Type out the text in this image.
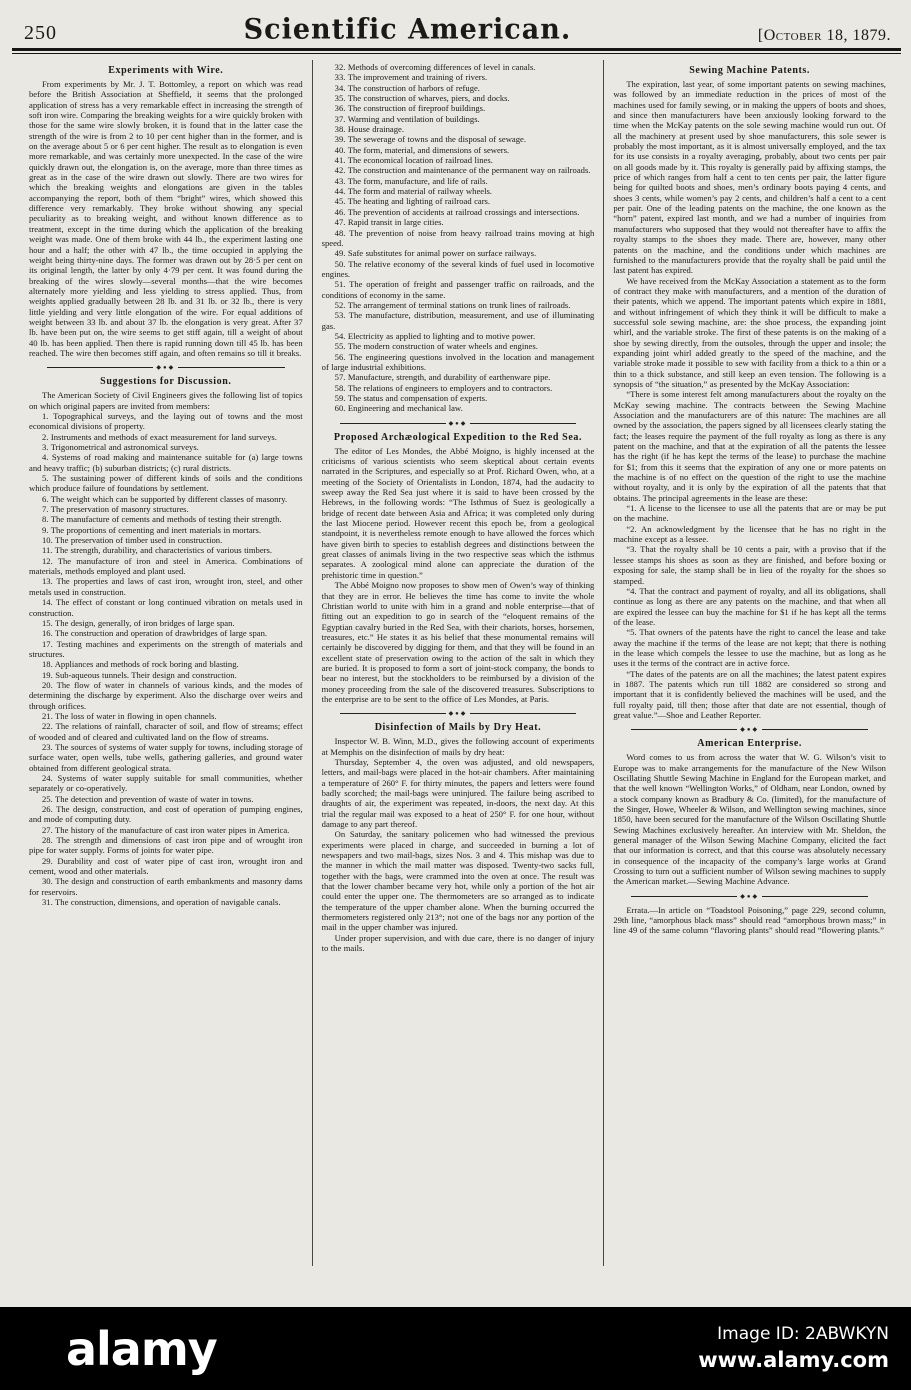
250	Scientific American.	[October 18, 1879.
Experiments with Wire.

From experiments by Mr. J. T. Bottomley, a report on which was read before the British Association at Sheffield, it seems that the prolonged application of stress has a very remarkable effect in increasing the strength of soft iron wire. Comparing the breaking weights for a wire quickly broken with those for the same wire slowly broken, it is found that in the latter case the strength of the wire is from 2 to 10 per cent higher than in the former, and is on the average about 5 or 6 per cent higher. The result as to elongation is even more remarkable, and was certainly more unexpected. In the case of the wire quickly drawn out, the elongation is, on the average, more than three times as great as in the case of the wire drawn out slowly. There are two wires for which the breaking weights and elongations are given in the tables accompanying the report, both of them “bright” wires, which showed this difference very remarkably. They broke without showing any special peculiarity as to breaking weight, and without known difference as to treatment, except in the time during which the application of the breaking weight was made. One of them broke with 44 lb., the experiment lasting one hour and a half; the other with 47 lb., the time occupied in applying the weight being thirty-nine days. The former was drawn out by 28·5 per cent on its original length, the latter by only 4·79 per cent. It was found during the breaking of the wires slowly—several months—that the wire becomes alternately more yielding and less yielding to stress applied. Thus, from weights applied gradually between 28 lb. and 31 lb. or 32 lb., there is very little yielding and very little elongation of the wire. For equal additions of weight between 33 lb. and about 37 lb. the elongation is very great. After 37 lb. have been put on, the wire seems to get stiff again, till a weight of about 40 lb. has been applied. Then there is rapid running down till 45 lb. has been reached. The wire then becomes stiff again, and often remains so till it breaks.

◆●◆
Suggestions for Discussion.

The American Society of Civil Engineers gives the following list of topics on which original papers are invited from members:

1. Topographical surveys, and the laying out of towns and the most economical divisions of property.

2. Instruments and methods of exact measurement for land surveys.

3. Trigonometrical and astronomical surveys.

4. Systems of road making and maintenance suitable for (a) large towns and heavy traffic; (b) suburban districts; (c) rural districts.

5. The sustaining power of different kinds of soils and the conditions which produce failure of foundations by settlement.

6. The weight which can be supported by different classes of masonry.

7. The preservation of masonry structures.

8. The manufacture of cements and methods of testing their strength.

9. The proportions of cementing and inert materials in mortars.

10. The preservation of timber used in construction.

11. The strength, durability, and characteristics of various timbers.

12. The manufacture of iron and steel in America. Combinations of materials, methods employed and plant used.

13. The properties and laws of cast iron, wrought iron, steel, and other metals used in construction.

14. The effect of constant or long continued vibration on metals used in construction.

15. The design, generally, of iron bridges of large span.

16. The construction and operation of drawbridges of large span.

17. Testing machines and experiments on the strength of materials and structures.

18. Appliances and methods of rock boring and blasting.

19. Sub-aqueous tunnels. Their design and construction.

20. The flow of water in channels of various kinds, and the modes of determining the discharge by experiment. Also the discharge over weirs and through orifices.

21. The loss of water in flowing in open channels.

22. The relations of rainfall, character of soil, and flow of streams; effect of wooded and of cleared and cultivated land on the flow of streams.

23. The sources of systems of water supply for towns, including storage of surface water, open wells, tube wells, gathering galleries, and ground water obtained from different geological strata.

24. Systems of water supply suitable for small communities, whether separately or co-operatively.

25. The detection and prevention of waste of water in towns.

26. The design, construction, and cost of operation of pumping engines, and mode of computing duty.

27. The history of the manufacture of cast iron water pipes in America.

28. The strength and dimensions of cast iron pipe and of wrought iron pipe for water supply. Forms of joints for water pipe.

29. Durability and cost of water pipe of cast iron, wrought iron and cement, wood and other materials.

30. The design and construction of earth embankments and masonry dams for reservoirs.

31. The construction, dimensions, and operation of navigable canals.

32. Methods of overcoming differences of level in canals.

33. The improvement and training of rivers.

34. The construction of harbors of refuge.

35. The construction of wharves, piers, and docks.

36. The construction of fireproof buildings.

37. Warming and ventilation of buildings.

38. House drainage.

39. The sewerage of towns and the disposal of sewage.

40. The form, material, and dimensions of sewers.

41. The economical location of railroad lines.

42. The construction and maintenance of the permanent way on railroads.

43. The form, manufacture, and life of rails.

44. The form and material of railway wheels.

45. The heating and lighting of railroad cars.

46. The prevention of accidents at railroad crossings and intersections.

47. Rapid transit in large cities.

48. The prevention of noise from heavy railroad trains moving at high speed.

49. Safe substitutes for animal power on surface railways.

50. The relative economy of the several kinds of fuel used in locomotive engines.

51. The operation of freight and passenger traffic on railroads, and the conditions of economy in the same.

52. The arrangement of terminal stations on trunk lines of railroads.

53. The manufacture, distribution, measurement, and use of illuminating gas.

54. Electricity as applied to lighting and to motive power.

55. The modern construction of water wheels and engines.

56. The engineering questions involved in the location and management of large industrial exhibitions.

57. Manufacture, strength, and durability of earthenware pipe.

58. The relations of engineers to employers and to contractors.

59. The status and compensation of experts.

60. Engineering and mechanical law.

◆●◆
Proposed Archæological Expedition to the Red Sea.

The editor of Les Mondes, the Abbé Moigno, is highly incensed at the criticisms of various scientists who seem skeptical about certain events narrated in the Scriptures, and especially so at Prof. Richard Owen, who, at a meeting of the Society of Orientalists in London, 1874, had the audacity to sweep away the Red Sea just where it is said to have been crossed by the Hebrews, in the following words: “The Isthmus of Suez is geologically a bridge of recent date between Asia and Africa; it was completed only during the last Miocene period. However recent this epoch be, from a geological standpoint, it is nevertheless remote enough to have allowed the forces which have given birth to species to establish degrees and distinctions between the great classes of animals living in the two respective seas which the isthmus separates. A zoological mind alone can appreciate the duration of the prehistoric time in question.”

The Abbé Moigno now proposes to show men of Owen’s way of thinking that they are in error. He believes the time has come to invite the whole Christian world to unite with him in a grand and noble enterprise—that of fitting out an expedition to go in search of the “eloquent remains of the Egyptian cavalry buried in the Red Sea, with their chariots, horses, horsemen, treasures, etc.” He states it as his belief that these monumental remains will certainly be discovered by digging for them, and that they will be found in an excellent state of preservation owing to the action of the salt in which they are buried. It is proposed to form a sort of joint-stock company, the bonds to bear no interest, but the stockholders to be reimbursed by a division of the money proceeding from the sale of the discovered treasures. Subscriptions to the enterprise are to be sent to the office of Les Mondes, at Paris.

◆●◆
Disinfection of Mails by Dry Heat.

Inspector W. B. Winn, M.D., gives the following account of experiments at Memphis on the disinfection of mails by dry heat:

Thursday, September 4, the oven was adjusted, and old newspapers, letters, and mail-bags were placed in the hot-air chambers. After maintaining a temperature of 260° F. for thirty minutes, the papers and letters were found badly scorched; the mail-bags were uninjured. The failure being ascribed to draughts of air, the experiment was repeated, in-doors, the next day. At this trial the regular mail was exposed to a heat of 250° F. for one hour, without damage to any part thereof.

On Saturday, the sanitary policemen who had witnessed the previous experiments were placed in charge, and succeeded in burning a lot of newspapers and two mail-bags, sizes Nos. 3 and 4. This mishap was due to the manner in which the mail matter was disposed. Twenty-two sacks full, together with the bags, were crammed into the oven at once. The result was that the lower chamber became very hot, while only a portion of the hot air could enter the upper one. The thermometers are so arranged as to indicate the temperature of the upper chamber alone. When the burning occurred the thermometers registered only 213°; not one of the bags nor any portion of the mail in the upper chamber was injured.

Under proper supervision, and with due care, there is no danger of injury to the mails.

Sewing Machine Patents.

The expiration, last year, of some important patents on sewing machines, was followed by an immediate reduction in the prices of most of the machines used for family sewing, or in making the uppers of boots and shoes, and since then manufacturers have been anxiously looking forward to the time when the McKay patents on the sole sewing machine would run out. Of all the machinery at present used by shoe manufacturers, this sole sewer is probably the most important, as it is almost universally employed, and the tax for its use consists in a royalty averaging, probably, about two cents per pair on all goods made by it. This royalty is generally paid by affixing stamps, the price of which ranges from half a cent to ten cents per pair, the latter figure being for quilted boots and shoes, men’s ordinary boots paying 4 cents, and shoes 3 cents, while women’s pay 2 cents, and children’s half a cent to a cent per pair. One of the leading patents on the machine, the one known as the “horn” patent, expired last month, and we had a number of inquiries from manufacturers who supposed that they would not thereafter have to affix the royalty stamps to the shoes they made. There are, however, many other patents on the machine, and the conditions under which machines are furnished to the manufacturers provide that the royalty shall be paid until the last patent has expired.

We have received from the McKay Association a statement as to the form of contract they make with manufacturers, and a mention of the duration of their patents, which we append. The important patents which expire in 1881, and without infringement of which they think it will be difficult to make a successful sole sewing machine, are: the shoe process, the expanding joint whirl, and the variable stroke. The first of these patents is on the making of a shoe by sewing directly, from the outsoles, through the upper and insole; the expanding joint whirl added greatly to the speed of the machine, and the variable stroke made it possible to sew with facility from a thick to a thin or a thin to a thick substance, and still keep an even tension. The following is a synopsis of “the situation,” as presented by the McKay Association:

“There is some interest felt among manufacturers about the royalty on the McKay sewing machine. The contracts between the Sewing Machine Association and the manufacturers are of this nature: The machines are all owned by the association, the papers signed by all licensees clearly stating the fact; the leases require the payment of the full royalty as long as there is any patent on the machine, and that at the expiration of all the patents the lessee has the right (if he has kept the terms of the lease) to purchase the machine for $1; from this it seems that the expiration of any one or more patents on the machine is of no effect on the question of the right to use the machine without royalty, and it is only by the expiration of all the patents that that obtains. The principal agreements in the lease are these:

“1. A license to the licensee to use all the patents that are or may be put on the machine.

“2. An acknowledgment by the licensee that he has no right in the machine except as a lessee.

“3. That the royalty shall be 10 cents a pair, with a proviso that if the lessee stamps his shoes as soon as they are finished, and before boxing or exposing for sale, the stamp shall be in lieu of the royalty for the shoes so stamped.

“4. That the contract and payment of royalty, and all its obligations, shall continue as long as there are any patents on the machine, and that when all are expired the lessee can buy the machine for $1 if he has kept all the terms of the lease.

“5. That owners of the patents have the right to cancel the lease and take away the machine if the terms of the lease are not kept; that there is nothing in the lease which compels the lessee to use the machine, but as long as he uses it the terms of the contract are in active force.

“The dates of the patents are on all the machines; the latest patent expires in 1887. The patents which run till 1882 are considered so strong and important that it is confidently believed the machines will be used, and the full royalty paid, till then; those after that date are not essential, though of great value.”—Shoe and Leather Reporter.

◆●◆
American Enterprise.

Word comes to us from across the water that W. G. Wilson’s visit to Europe was to make arrangements for the manufacture of the New Wilson Oscillating Shuttle Sewing Machine in England for the European market, and that the well known “Wellington Works,” of Oldham, near London, owned by a stock company known as Bradbury & Co. (limited), for the manufacture of the Singer, Howe, Wheeler & Wilson, and Wellington sewing machines, since 1850, have been secured for the manufacture of the Wilson Oscillating Shuttle Sewing Machines exclusively hereafter. An interview with Mr. Sheldon, the general manager of the Wilson Sewing Machine Company, elicited the fact that our information is correct, and that this course was absolutely necessary in consequence of the incapacity of the company’s large works at Grand Crossing to turn out a sufficient number of Wilson sewing machines to supply the American market.—Sewing Machine Advance.

◆●◆

Errata.—In article on “Toadstool Poisoning,” page 229, second column, 29th line, “amorphous black mass” should read “amorphous brown mass;” in line 49 of the same column “flavoring plants” should read “flowering plants.”

alamy	Image ID: 2ABWKYN
www.alamy.com
